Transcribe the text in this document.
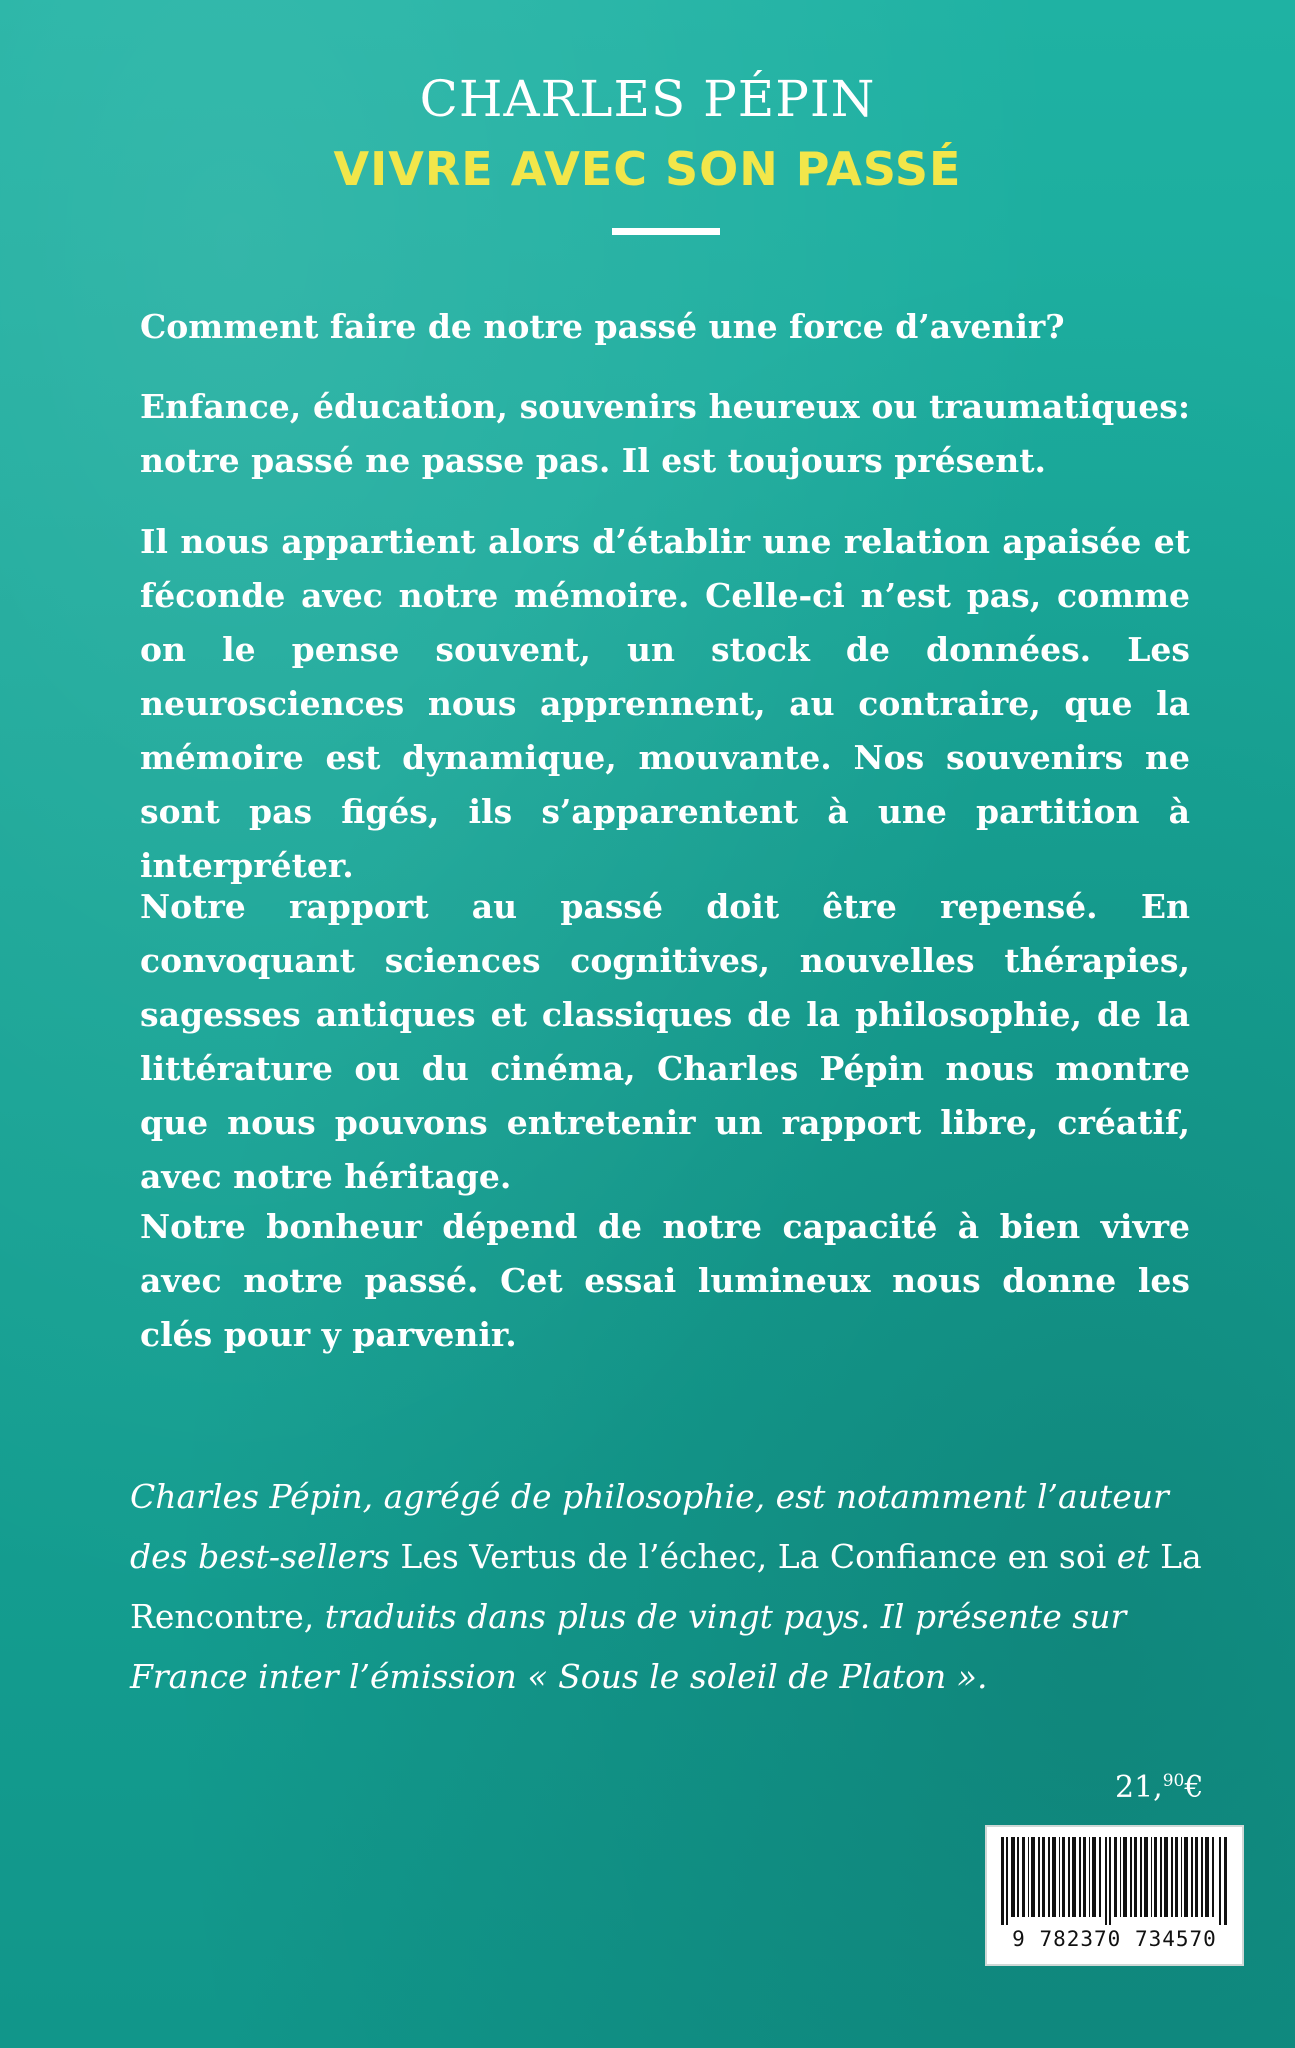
CHARLES PÉPIN
VIVRE AVEC SON PASSÉ
Comment faire de notre passé une force d’avenir?
Enfance, éducation, souvenirs heureux ou traumatiques: notre passé ne passe pas. Il est toujours présent.
Il nous appartient alors d’établir une relation apaisée et féconde avec notre mémoire. Celle-ci n’est pas, comme on le pense souvent, un stock de données. Les neurosciences nous apprennent, au contraire, que la mémoire est dynamique, mouvante. Nos souvenirs ne sont pas figés, ils s’apparentent à une partition à interpréter.
Notre rapport au passé doit être repensé. En convoquant sciences cognitives, nouvelles thérapies, sagesses antiques et classiques de la philosophie, de la littérature ou du cinéma, Charles Pépin nous montre que nous pouvons entretenir un rapport libre, créatif, avec notre héritage.
Notre bonheur dépend de notre capacité à bien vivre avec notre passé. Cet essai lumineux nous donne les clés pour y parvenir.
Charles Pépin, agrégé de philosophie, est notamment l’auteur des best-sellers Les Vertus de l’échec, La Confiance en soi et La Rencontre, traduits dans plus de vingt pays. Il présente sur France inter l’émission « Sous le soleil de Platon ».
21,90€
9 782370 734570
